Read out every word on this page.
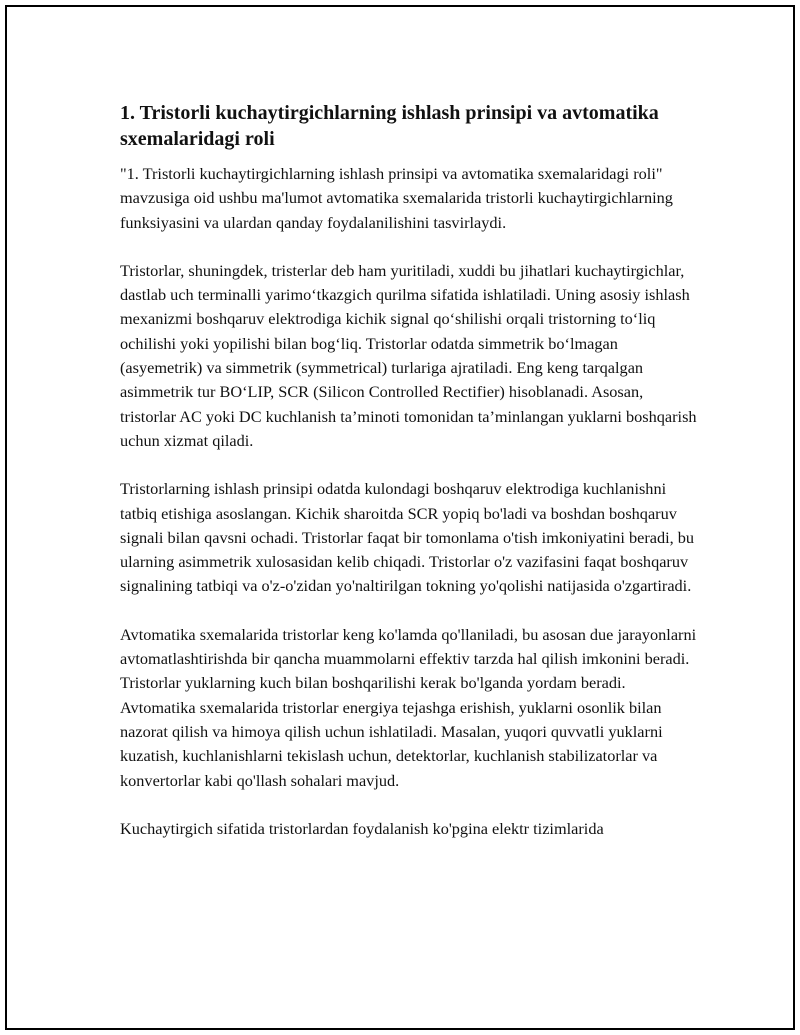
1. Tristorli kuchaytirgichlarning ishlash prinsipi va avtomatika sxemalaridagi roli

"1. Tristorli kuchaytirgichlarning ishlash prinsipi va avtomatika sxemalaridagi roli" mavzusiga oid ushbu ma'lumot avtomatika sxemalarida tristorli kuchaytirgichlarning funksiyasini va ulardan qanday foydalanilishini tasvirlaydi.

Tristorlar, shuningdek, tristerlar deb ham yuritiladi, xuddi bu jihatlari kuchaytirgichlar, dastlab uch terminalli yarimo‘tkazgich qurilma sifatida ishlatiladi. Uning asosiy ishlash mexanizmi boshqaruv elektrodiga kichik signal qo‘shilishi orqali tristorning to‘liq ochilishi yoki yopilishi bilan bog‘liq. Tristorlar odatda simmetrik bo‘lmagan (asyemetrik) va simmetrik (symmetrical) turlariga ajratiladi. Eng keng tarqalgan asimmetrik tur BO‘LIP, SCR (Silicon Controlled Rectifier) hisoblanadi. Asosan, tristorlar AC yoki DC kuchlanish ta’minoti tomonidan ta’minlangan yuklarni boshqarish uchun xizmat qiladi.

Tristorlarning ishlash prinsipi odatda kulondagi boshqaruv elektrodiga kuchlanishni tatbiq etishiga asoslangan. Kichik sharoitda SCR yopiq bo'ladi va boshdan boshqaruv signali bilan qavsni ochadi. Tristorlar faqat bir tomonlama o'tish imkoniyatini beradi, bu ularning asimmetrik xulosasidan kelib chiqadi. Tristorlar o'z vazifasini faqat boshqaruv signalining tatbiqi va o'z-o'zidan yo'naltirilgan tokning yo'qolishi natijasida o'zgartiradi.

Avtomatika sxemalarida tristorlar keng ko'lamda qo'llaniladi, bu asosan due jarayonlarni avtomatlashtirishda bir qancha muammolarni effektiv tarzda hal qilish imkonini beradi. Tristorlar yuklarning kuch bilan boshqarilishi kerak bo'lganda yordam beradi. Avtomatika sxemalarida tristorlar energiya tejashga erishish, yuklarni osonlik bilan nazorat qilish va himoya qilish uchun ishlatiladi. Masalan, yuqori quvvatli yuklarni kuzatish, kuchlanishlarni tekislash uchun, detektorlar, kuchlanish stabilizatorlar va konvertorlar kabi qo'llash sohalari mavjud.

Kuchaytirgich sifatida tristorlardan foydalanish ko'pgina elektr tizimlarida
